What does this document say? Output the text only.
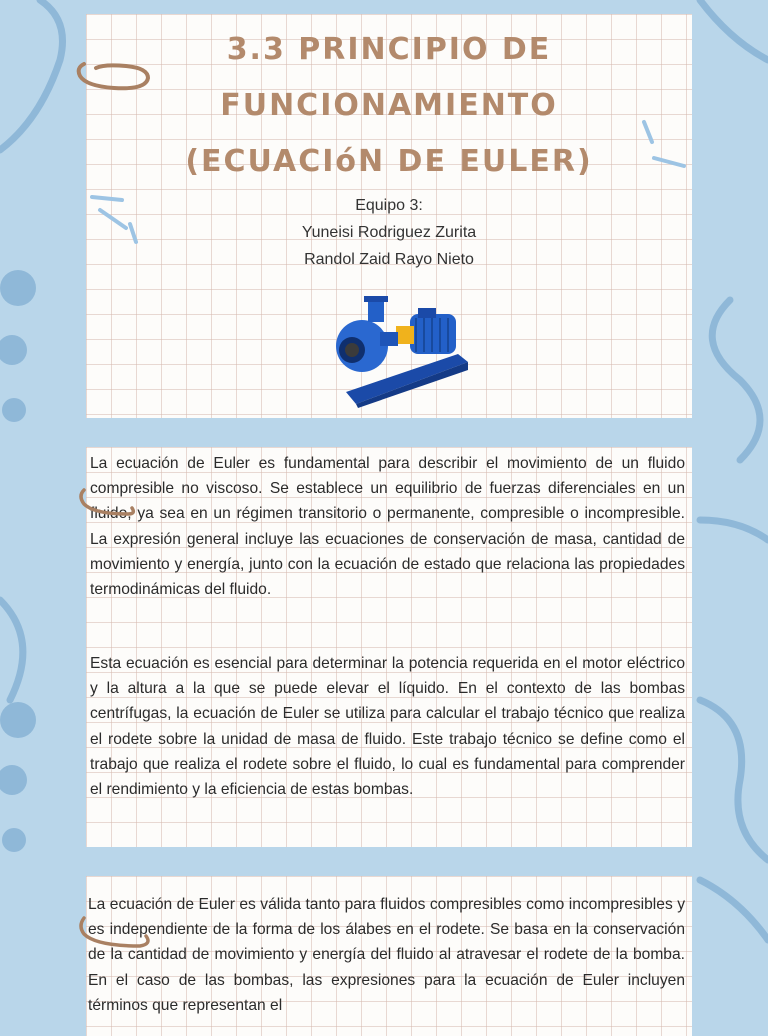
3.3 PRINCIPIO DE
FUNCIONAMIENTO
(ECUACIóN DE EULER)
Equipo 3:
Yuneisi Rodriguez Zurita
Randol Zaid Rayo Nieto

La ecuación de Euler es fundamental para describir el movimiento de un fluido compresible no viscoso. Se establece un equilibrio de fuerzas diferenciales en un fluido, ya sea en un régimen transitorio o permanente, compresible o incompresible. La expresión general incluye las ecuaciones de conservación de masa, cantidad de movimiento y energía, junto con la ecuación de estado que relaciona las propiedades termodinámicas del fluido.

Esta ecuación es esencial para determinar la potencia requerida en el motor eléctrico y la altura a la que se puede elevar el líquido. En el contexto de las bombas centrífugas, la ecuación de Euler se utiliza para calcular el trabajo técnico que realiza el rodete sobre la unidad de masa de fluido. Este trabajo técnico se define como el trabajo que realiza el rodete sobre el fluido, lo cual es fundamental para comprender el rendimiento y la eficiencia de estas bombas.

La ecuación de Euler es válida tanto para fluidos compresibles como incompresibles y es independiente de la forma de los álabes en el rodete. Se basa en la conservación de la cantidad de movimiento y energía del fluido al atravesar el rodete de la bomba. En el caso de las bombas, las expresiones para la ecuación de Euler incluyen términos que representan el
